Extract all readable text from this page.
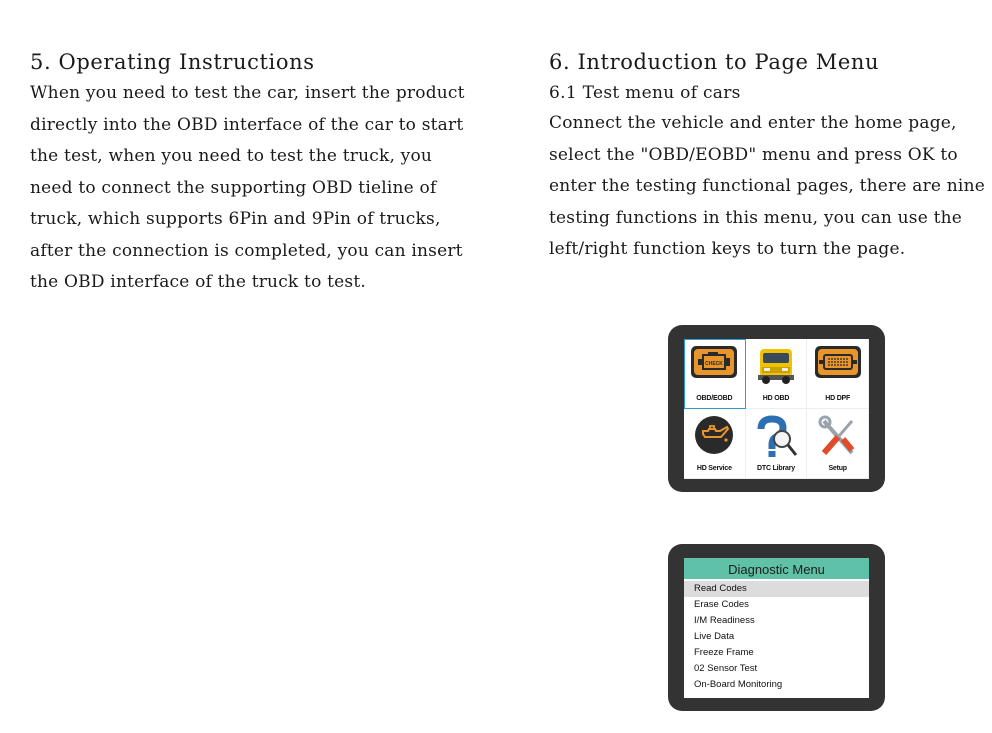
5. Operating Instructions

When you need to test the car, insert the product directly into the OBD interface of the car to start the test, when you need to test the truck, you need to connect the supporting OBD tieline of truck, which supports 6Pin and 9Pin of trucks, after the connection is completed, you can insert the OBD interface of the truck to test.

6. Introduction to Page Menu
6.1 Test menu of cars

Connect the vehicle and enter the home page, select the "OBD/EOBD" menu and press OK to enter the testing functional pages, there are nine testing functions in this menu, you can use the left/right function keys to turn the page.

CHECK
OBD/EOBD	HD OBD	HD DPF
HD Service	DTC Library	Setup
Diagnostic Menu
Read Codes
Erase Codes
I/M Readiness
Live Data
Freeze Frame
02 Sensor Test
On-Board Monitoring
